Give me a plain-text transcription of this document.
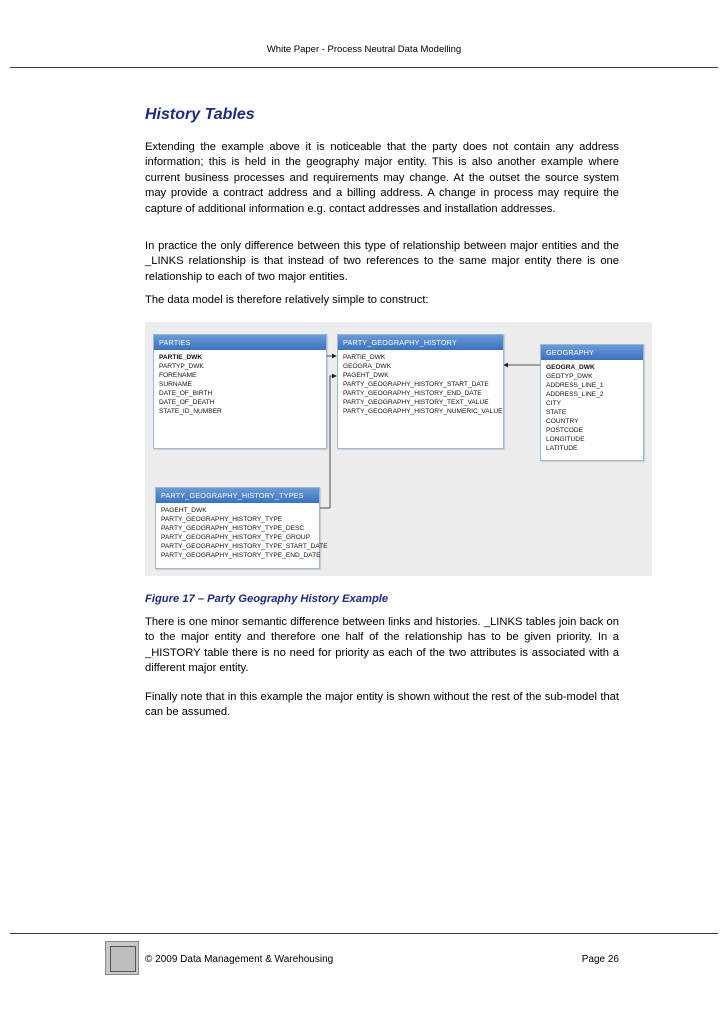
White Paper - Process Neutral Data Modelling
History Tables

Extending the example above it is noticeable that the party does not contain any address information; this is held in the geography major entity. This is also another example where current business processes and requirements may change. At the outset the source system may provide a contract address and a billing address. A change in process may require the capture of additional information e.g. contact addresses and installation addresses.

In practice the only difference between this type of relationship between major entities and the _LINKS relationship is that instead of two references to the same major entity there is one relationship to each of two major entities.

The data model is therefore relatively simple to construct:

PARTIES
PARTIE_DWK
PARTYP_DWK
FORENAME
SURNAME
DATE_OF_BIRTH
DATE_OF_DEATH
STATE_ID_NUMBER
PARTY_GEOGRAPHY_HISTORY
PARTIE_DWK
GEOGRA_DWK
PAGEHT_DWK
PARTY_GEOGRAPHY_HISTORY_START_DATE
PARTY_GEOGRAPHY_HISTORY_END_DATE
PARTY_GEOGRAPHY_HISTORY_TEXT_VALUE
PARTY_GEOGRAPHY_HISTORY_NUMERIC_VALUE
GEOGRAPHY
GEOGRA_DWK
GEOTYP_DWK
ADDRESS_LINE_1
ADDRESS_LINE_2
CITY
STATE
COUNTRY
POSTCODE
LONGITUDE
LATITUDE
PARTY_GEOGRAPHY_HISTORY_TYPES
PAGEHT_DWK
PARTY_GEOGRAPHY_HISTORY_TYPE
PARTY_GEOGRAPHY_HISTORY_TYPE_DESC
PARTY_GEOGRAPHY_HISTORY_TYPE_GROUP
PARTY_GEOGRAPHY_HISTORY_TYPE_START_DATE
PARTY_GEOGRAPHY_HISTORY_TYPE_END_DATE
Figure 17 – Party Geography History Example

There is one minor semantic difference between links and histories. _LINKS tables join back on to the major entity and therefore one half of the relationship has to be given priority. In a _HISTORY table there is no need for priority as each of the two attributes is associated with a different major entity.

Finally note that in this example the major entity is shown without the rest of the sub-model that can be assumed.

© 2009 Data Management & Warehousing	Page 26
